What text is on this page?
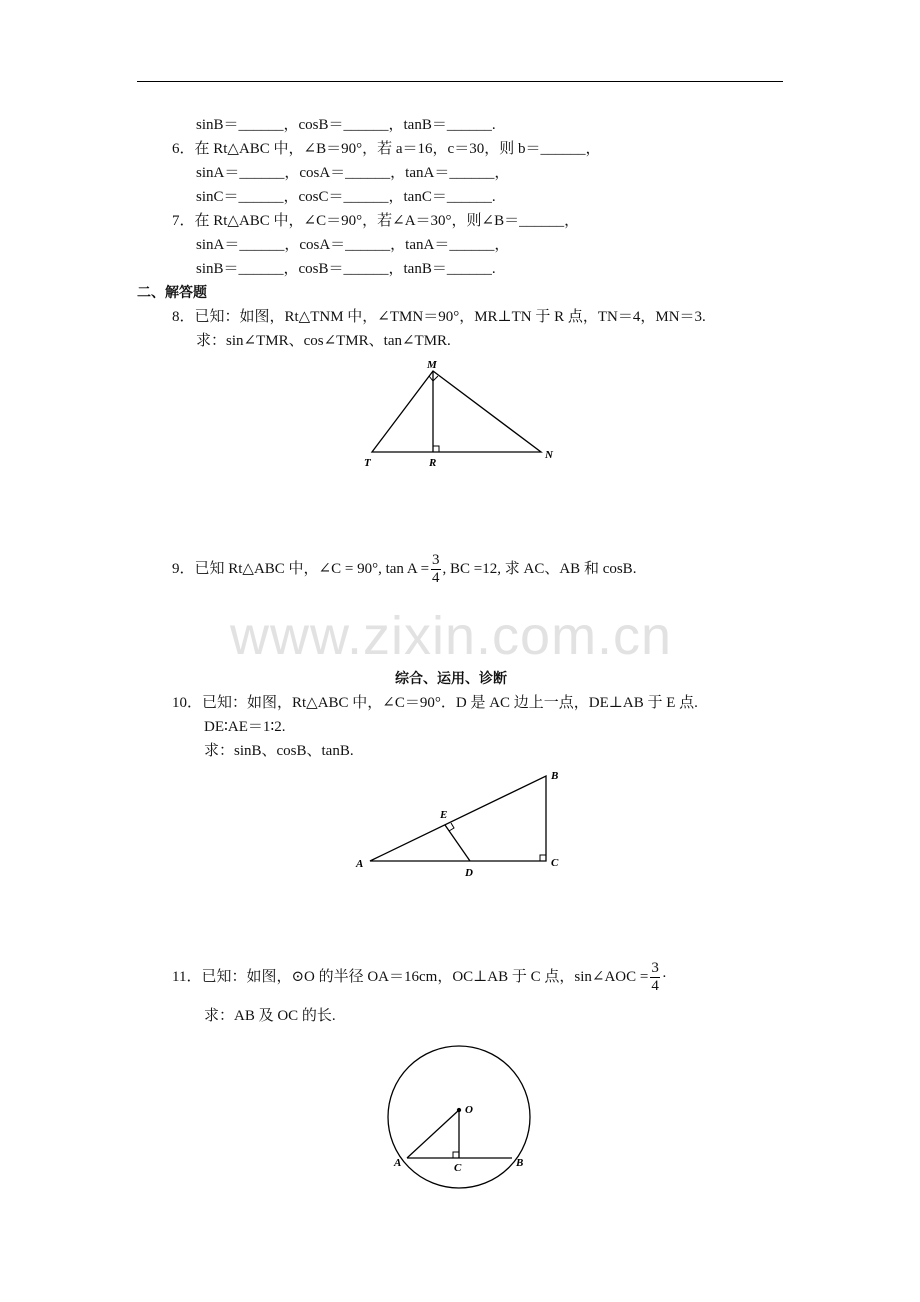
sinB＝______，cosB＝______，tanB＝______.
6．在 Rt△ABC 中，∠B＝90°，若 a＝16，c＝30，则 b＝______，
sinA＝______，cosA＝______，tanA＝______，
sinC＝______，cosC＝______，tanC＝______.
7．在 Rt△ABC 中，∠C＝90°，若∠A＝30°，则∠B＝______，
sinA＝______，cosA＝______，tanA＝______，
sinB＝______，cosB＝______，tanB＝______.
二、解答题
8．已知：如图，Rt△TNM 中，∠TMN＝90°，MR⊥TN 于 R 点，TN＝4，MN＝3.
求：sin∠TMR、cos∠TMR、tan∠TMR.
9．已知 Rt△ABC 中，∠C = 90°, $\tan A = \frac{3}{4}$ , BC =12, 求 AC、AB 和 cosB.
www.zixin.com.cn
综合、运用、诊断
10．已知：如图，Rt△ABC 中，∠C＝90°．D 是 AC 边上一点，DE⊥AB 于 E 点.
DE∶AE＝1∶2.
求：sinB、cosB、tanB.
11．已知：如图，⊙O 的半径 OA＝16cm，OC⊥AB 于 C 点，sin∠AOC = $\frac{3}{4}$ ·
求：AB 及 OC 的长.
M
T	R
N
A
B
C
D
E
O
A	B
C
